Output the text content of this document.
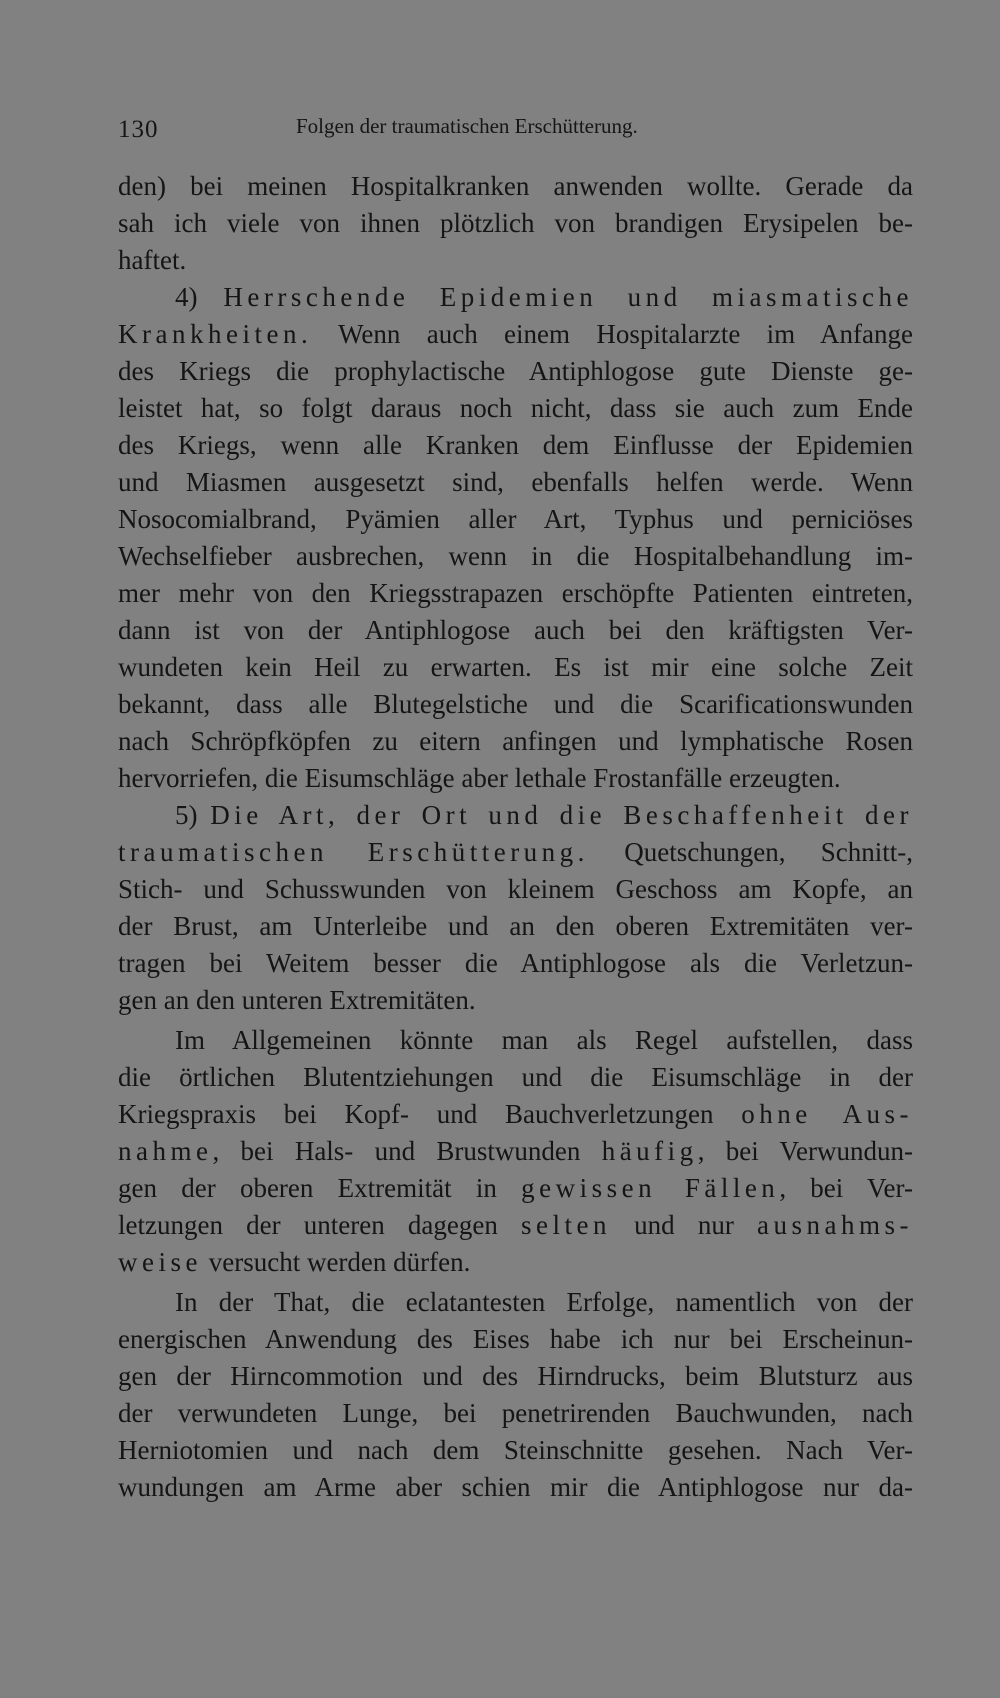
130	Folgen der traumatischen Erschütterung.
den) bei meinen Hospitalkranken anwenden wollte. Gerade da
sah ich viele von ihnen plötzlich von brandigen Erysipelen be-
haftet.
4) Herrschende Epidemien und miasmatische
Krankheiten. Wenn auch einem Hospitalarzte im Anfange
des Kriegs die prophylactische Antiphlogose gute Dienste ge-
leistet hat, so folgt daraus noch nicht, dass sie auch zum Ende
des Kriegs, wenn alle Kranken dem Einflusse der Epidemien
und Miasmen ausgesetzt sind, ebenfalls helfen werde. Wenn
Nosocomialbrand, Pyämien aller Art, Typhus und perniciöses
Wechselfieber ausbrechen, wenn in die Hospitalbehandlung im-
mer mehr von den Kriegsstrapazen erschöpfte Patienten eintreten,
dann ist von der Antiphlogose auch bei den kräftigsten Ver-
wundeten kein Heil zu erwarten. Es ist mir eine solche Zeit
bekannt, dass alle Blutegelstiche und die Scarificationswunden
nach Schröpfköpfen zu eitern anfingen und lymphatische Rosen
hervorriefen, die Eisumschläge aber lethale Frostanfälle erzeugten.
5) Die Art, der Ort und die Beschaffenheit der
traumatischen Erschütterung. Quetschungen, Schnitt-,
Stich- und Schusswunden von kleinem Geschoss am Kopfe, an
der Brust, am Unterleibe und an den oberen Extremitäten ver-
tragen bei Weitem besser die Antiphlogose als die Verletzun-
gen an den unteren Extremitäten.
Im Allgemeinen könnte man als Regel aufstellen, dass
die örtlichen Blutentziehungen und die Eisumschläge in der
Kriegspraxis bei Kopf- und Bauchverletzungen ohne Aus-
nahme, bei Hals- und Brustwunden häufig, bei Verwundun-
gen der oberen Extremität in gewissen Fällen, bei Ver-
letzungen der unteren dagegen selten und nur ausnahms-
weise versucht werden dürfen.
In der That, die eclatantesten Erfolge, namentlich von der
energischen Anwendung des Eises habe ich nur bei Erscheinun-
gen der Hirncommotion und des Hirndrucks, beim Blutsturz aus
der verwundeten Lunge, bei penetrirenden Bauchwunden, nach
Herniotomien und nach dem Steinschnitte gesehen. Nach Ver-
wundungen am Arme aber schien mir die Antiphlogose nur da-
